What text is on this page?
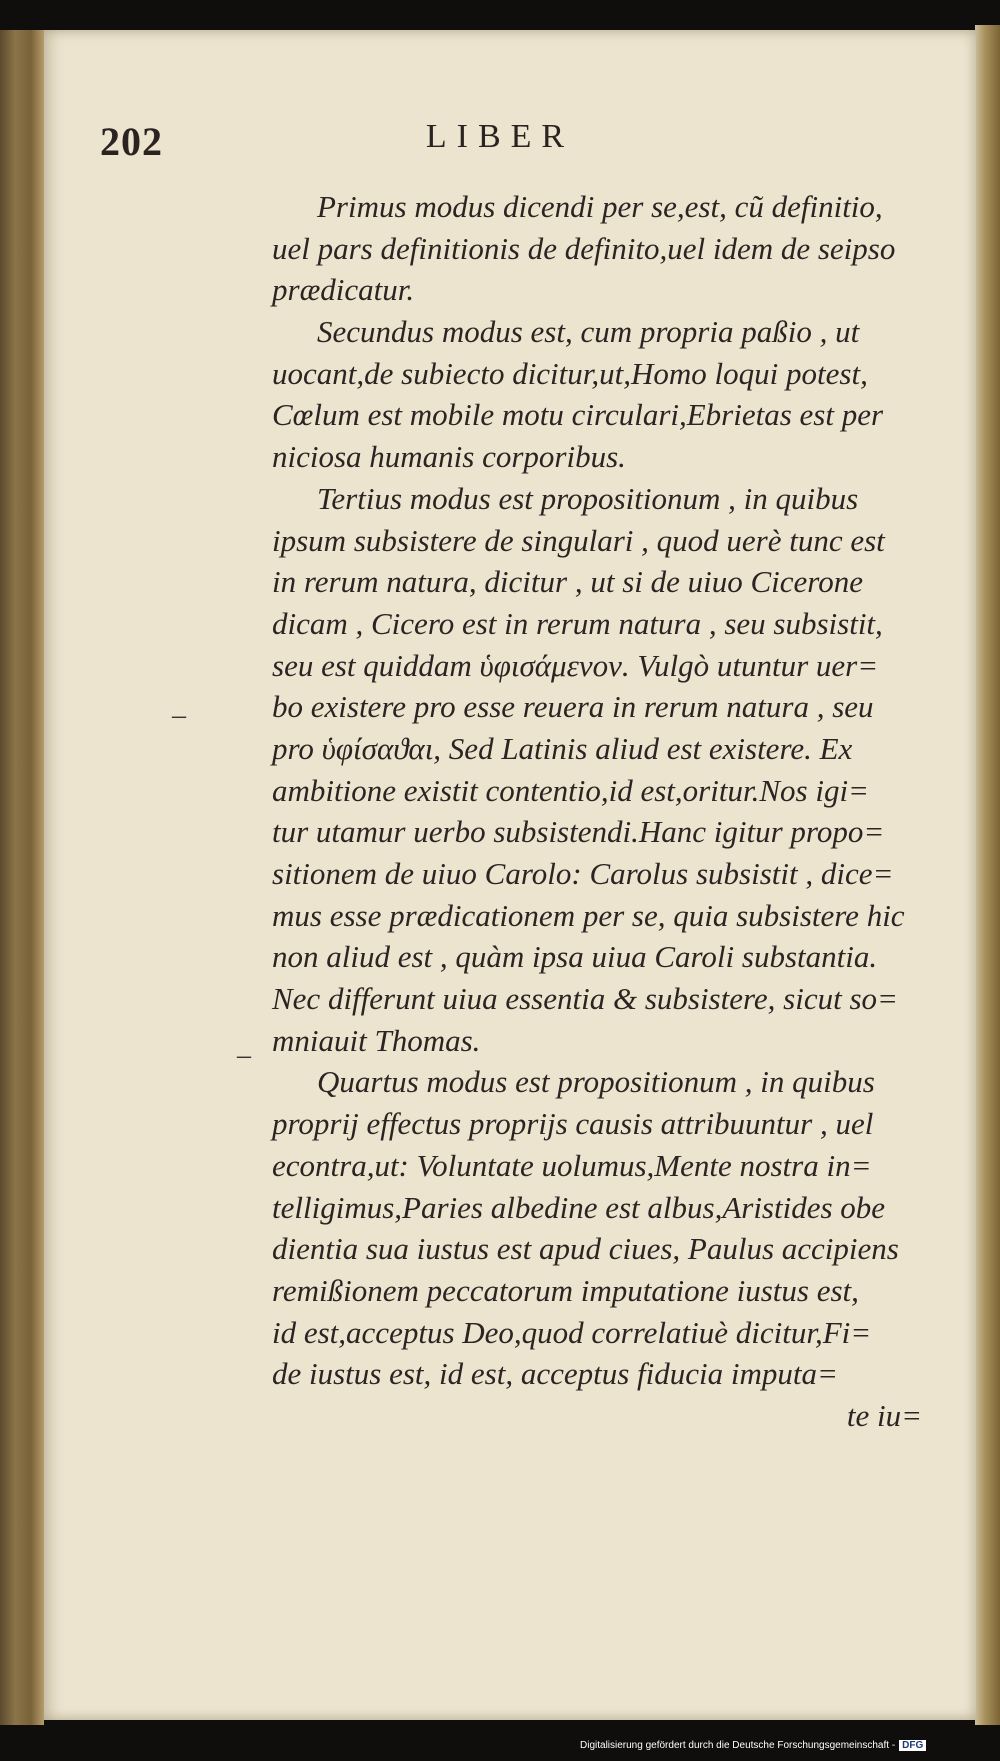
202	LIBER
Primus modus dicendi per se,est, cũ definitio,
uel pars definitionis de definito,uel idem de seipso
prædicatur.
Secundus modus est, cum propria paßio , ut
uocant,de subiecto dicitur,ut,Homo loqui potest,
Cœlum est mobile motu circulari,Ebrietas est per
niciosa humanis corporibus.
Tertius modus est propositionum , in quibus
ipsum subsistere de singulari , quod uerè tunc est
in rerum natura, dicitur , ut si de uiuo Cicerone
dicam , Cicero est in rerum natura , seu subsistit,
seu est quiddam ὑφισάμενον. Vulgò utuntur uer=
bo existere pro esse reuera in rerum natura , seu
pro ὑφίσαϑαι, Sed Latinis aliud est existere. Ex
ambitione existit contentio,id est,oritur.Nos igi=
tur utamur uerbo subsistendi.Hanc igitur propo=
sitionem de uiuo Carolo: Carolus subsistit , dice=
mus esse prædicationem per se, quia subsistere hic
non aliud est , quàm ipsa uiua Caroli substantia.
Nec differunt uiua essentia & subsistere, sicut so=
mniauit Thomas.
Quartus modus est propositionum , in quibus
proprij effectus proprijs causis attribuuntur , uel
econtra,ut: Voluntate uolumus,Mente nostra in=
telligimus,Paries albedine est albus,Aristides obe
dientia sua iustus est apud ciues, Paulus accipiens
remißionem peccatorum imputatione iustus est,
id est,acceptus Deo,quod correlatiuè dicitur,Fi=
de iustus est, id est, acceptus fiducia imputa=
te iu=
–
–
Digitalisierung gefördert durch die Deutsche Forschungsgemeinschaft - DFG
